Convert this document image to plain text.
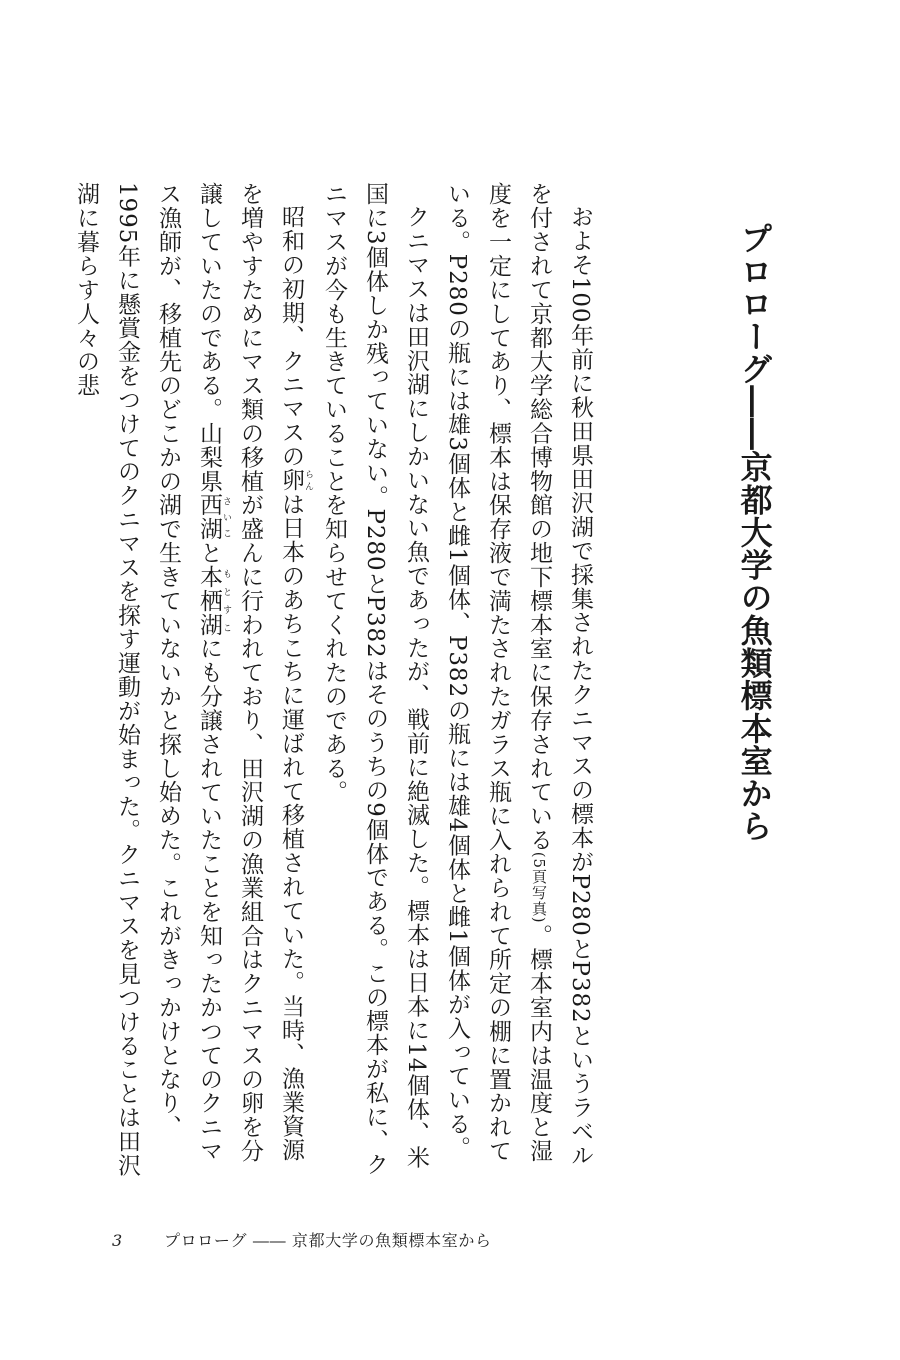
プロローグ――京都大学の魚類標本室から

およそ100年前に秋田県田沢湖で採集されたクニマスの標本がP280とP382というラベルを付されて京都大学総合博物館の地下標本室に保存されている(5頁写真)。標本室内は温度と湿度を一定にしてあり、標本は保存液で満たされたガラス瓶に入れられて所定の棚に置かれている。P280の瓶には雄3個体と雌1個体、P382の瓶には雄4個体と雌1個体が入っている。

クニマスは田沢湖にしかいない魚であったが、戦前に絶滅した。標本は日本に14個体、米国に3個体しか残っていない。P280とP382はそのうちの9個体である。この標本が私に、クニマスが今も生きていることを知らせてくれたのである。

昭和の初期、クニマスの卵 らんは日本のあちこちに運ばれて移植されていた。当時、漁業資源を増やすためにマス類の移植が盛んに行われており、田沢湖の漁業組合はクニマスの卵を分譲していたのである。山梨県西湖 さいこと本栖湖 もとすこにも分譲されていたことを知ったかつてのクニマス漁師が、移植先のどこかの湖で生きていないかと探し始めた。これがきっかけとなり、1995年に懸賞金をつけてのクニマスを探す運動が始まった。クニマスを見つけることは田沢湖に暮らす人々の悲

3	プロローグ ―― 京都大学の魚類標本室から
